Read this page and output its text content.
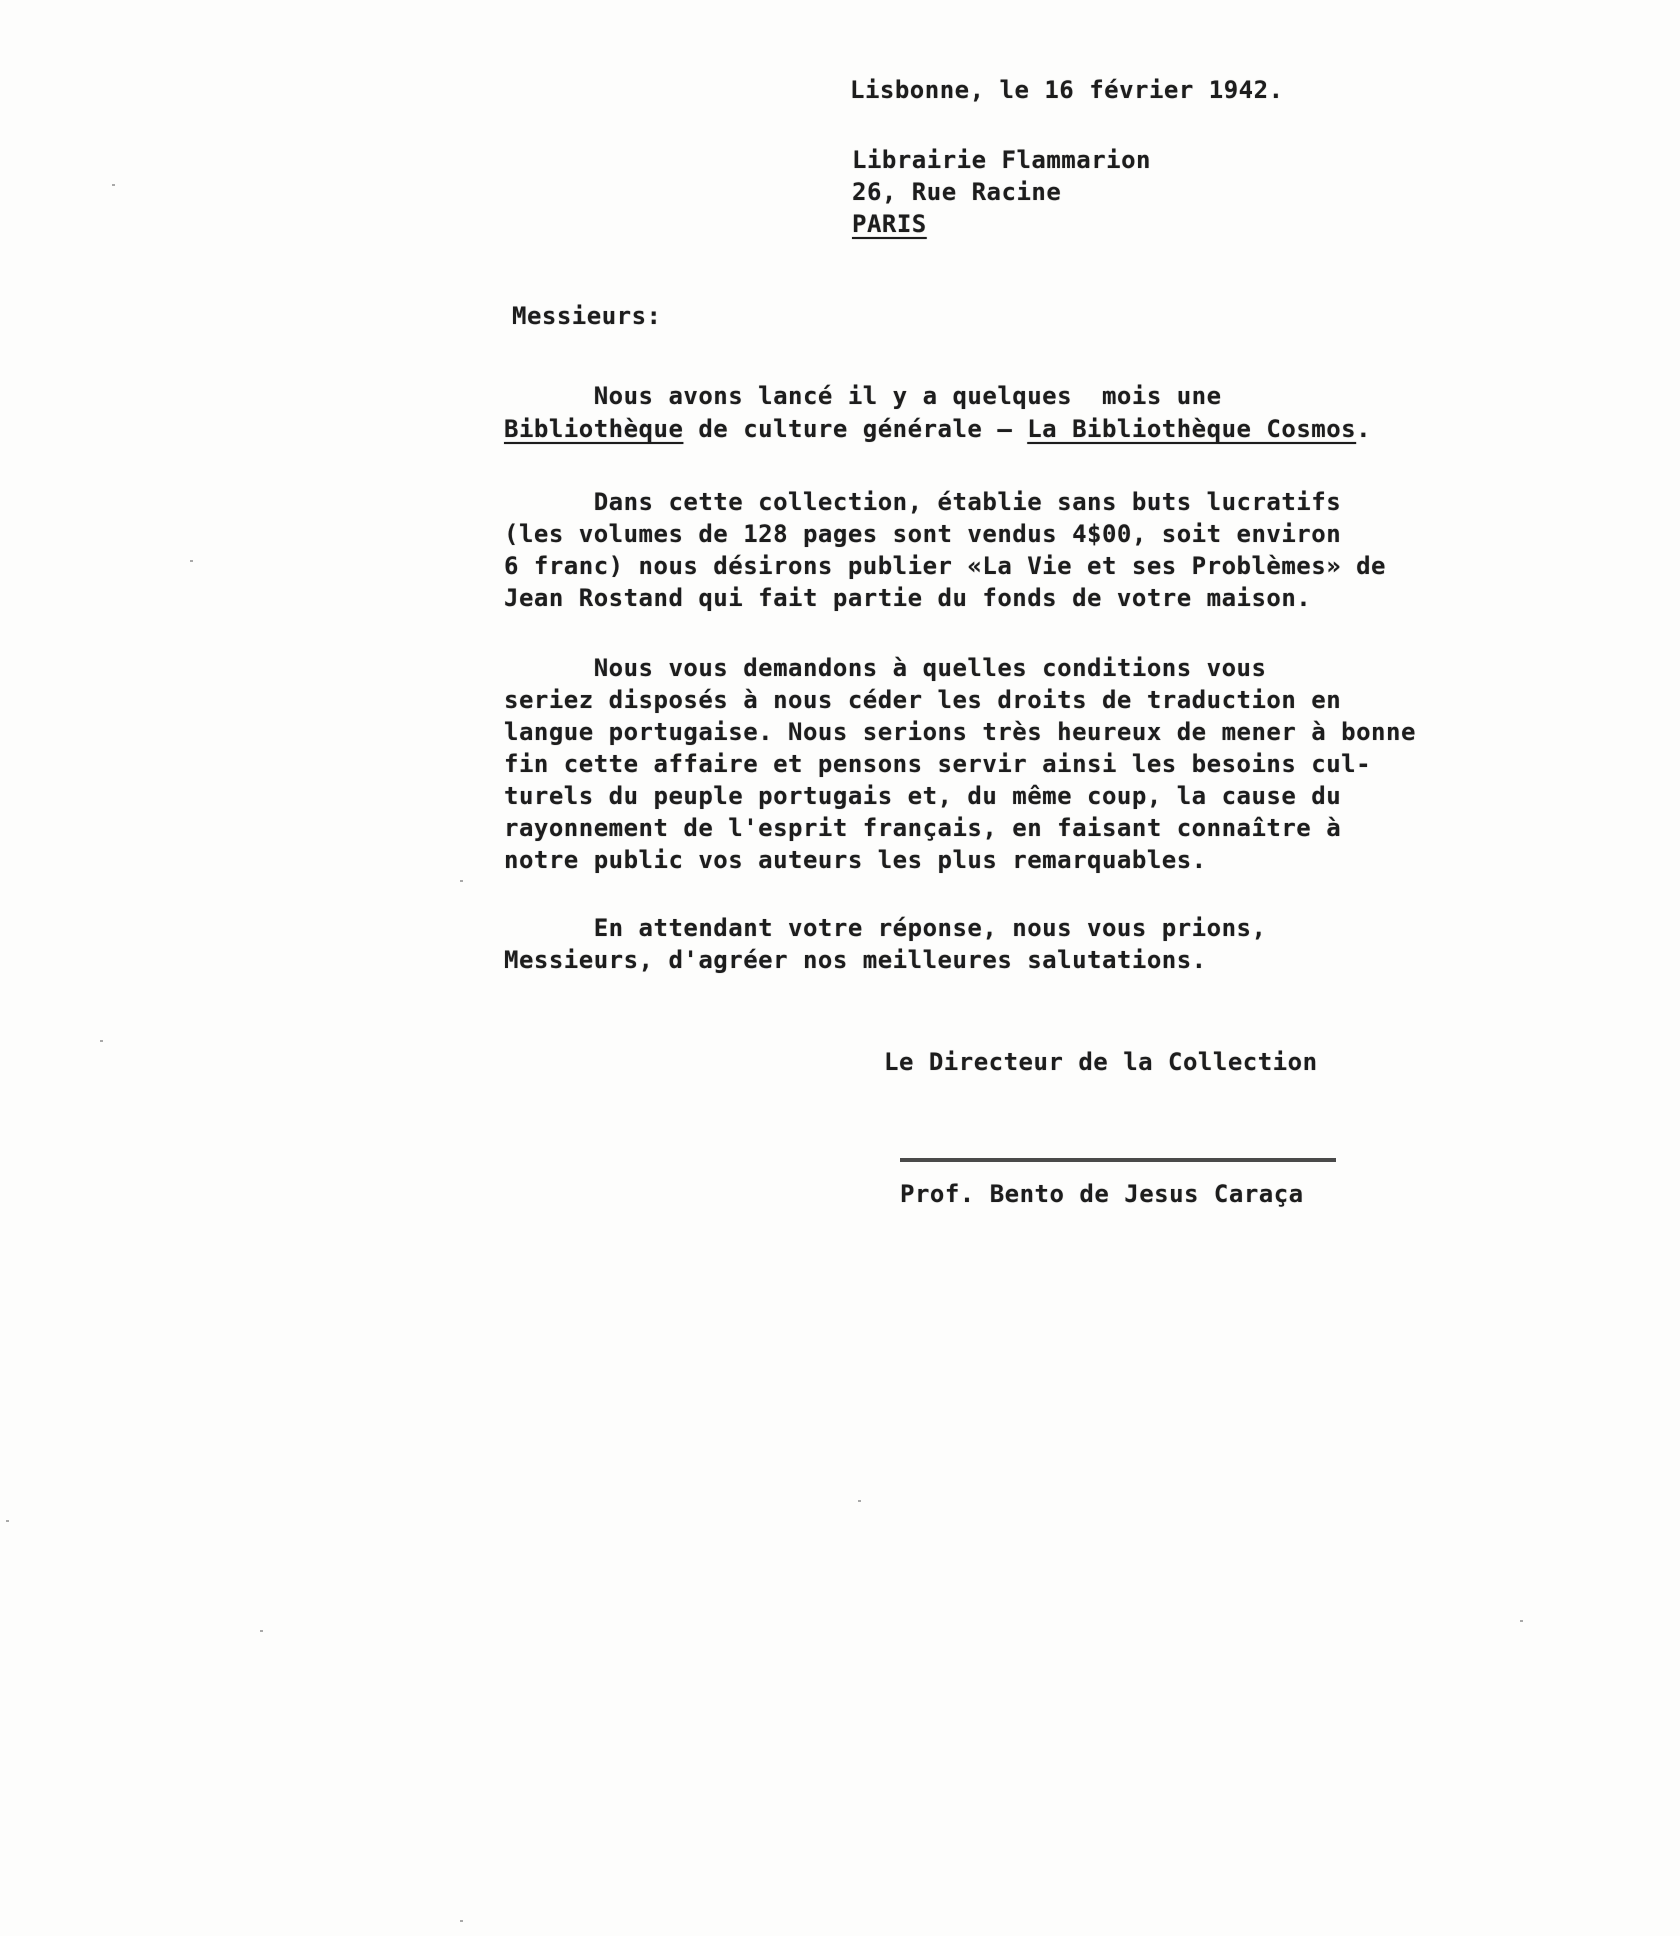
Lisbonne, le 16 février 1942.
Librairie Flammarion
26, Rue Racine
PARIS
Messieurs:
Nous avons lancé il y a quelques  mois une
Bibliothèque de culture générale — La Bibliothèque Cosmos.
Dans cette collection, établie sans buts lucratifs
(les volumes de 128 pages sont vendus 4$00, soit environ
6 franc) nous désirons publier «La Vie et ses Problèmes» de
Jean Rostand qui fait partie du fonds de votre maison.
Nous vous demandons à quelles conditions vous
seriez disposés à nous céder les droits de traduction en
langue portugaise. Nous serions très heureux de mener à bonne
fin cette affaire et pensons servir ainsi les besoins cul-
turels du peuple portugais et, du même coup, la cause du
rayonnement de l'esprit français, en faisant connaître à
notre public vos auteurs les plus remarquables.
En attendant votre réponse, nous vous prions,
Messieurs, d'agréer nos meilleures salutations.
Le Directeur de la Collection
Prof. Bento de Jesus Caraça
